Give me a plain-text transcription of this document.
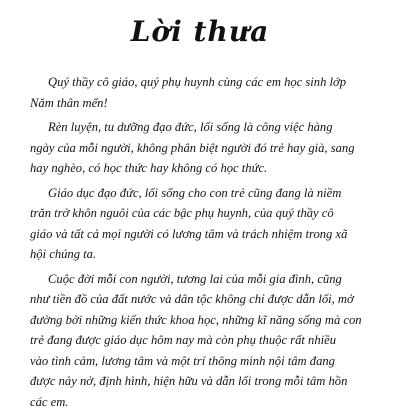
Lời thưa

Quý thầy cô giáo, quý phụ huynh cùng các em học sinh lớp
Năm thân mến!

Rèn luyện, tu dưỡng đạo đức, lối sống là công việc hàng
ngày của mỗi người, không phân biệt người đó trẻ hay già, sang
hay nghèo, có học thức hay không có học thức.

Giáo dục đạo đức, lối sống cho con trẻ cũng đang là niềm
trăn trở khôn nguôi của các bậc phụ huynh, của quý thầy cô
giáo và tất cả mọi người có lương tâm và trách nhiệm trong xã
hội chúng ta.

Cuộc đời mỗi con người, tương lai của mỗi gia đình, cũng
như tiền đồ của đất nước và dân tộc không chỉ được dẫn lối, mở
đường bởi những kiến thức khoa học, những kĩ năng sống mà con
trẻ đang được giáo dục hôm nay mà còn phụ thuộc rất nhiều
vào tình cảm, lương tâm và một trí thông minh nội tâm đang
được nảy nở, định hình, hiện hữu và dẫn lối trong mỗi tâm hồn
các em.
